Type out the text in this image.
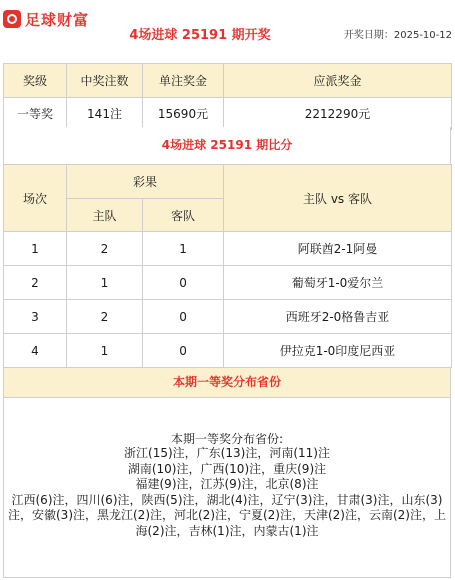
足球财富
4场进球 25191 期开奖	开奖日期：2025-10-12
奖级	中奖注数	单注奖金	应派奖金
一等奖	141注	15690元	2212290元
4场进球 25191 期比分
场次	彩果		主队 vs 客队
	主队	客队	
1	2	1	阿联酋2-1阿曼
2	1	0	葡萄牙1-0爱尔兰
3	2	0	西班牙2-0格鲁吉亚
4	1	0	伊拉克1-0印度尼西亚
本期一等奖分布省份
本期一等奖分布省份:
浙江(15)注，广东(13)注，河南(11)注
湖南(10)注，广西(10)注，重庆(9)注
福建(9)注，江苏(9)注，北京(8)注
江西(6)注，四川(6)注，陕西(5)注，湖北(4)注，辽宁(3)注，甘肃(3)注，山东(3)
注，安徽(3)注，黑龙江(2)注，河北(2)注，宁夏(2)注，天津(2)注，云南(2)注，上
海(2)注，吉林(1)注，内蒙古(1)注
